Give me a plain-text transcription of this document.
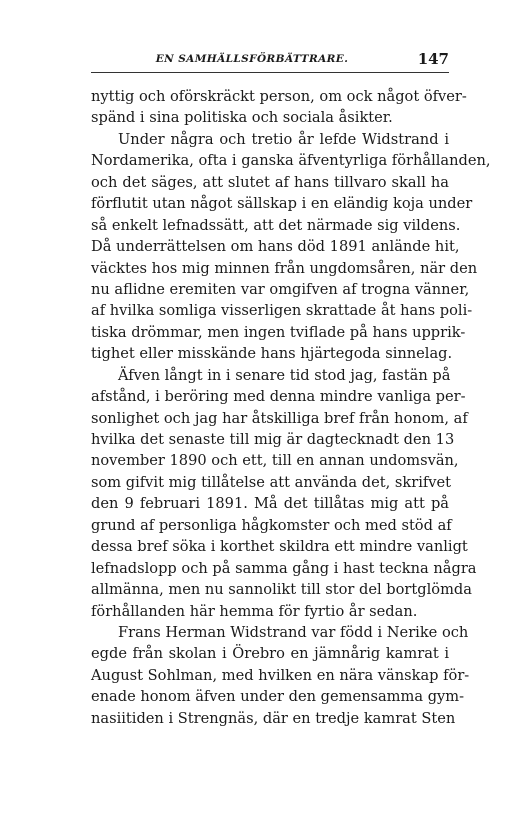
EN SAMHÄLLSFÖRBÄTTRARE.	147
nyttig och oförskräckt person, om ock något öfver-
spänd i sina politiska och sociala åsikter.
Under några och tretio år lefde Widstrand i
Nordamerika, ofta i ganska äfventyrliga förhållanden,
och det säges, att slutet af hans tillvaro skall ha
förflutit utan något sällskap i en eländig koja under
så enkelt lefnadssätt, att det närmade sig vildens.
Då underrättelsen om hans död 1891 anlände hit,
väcktes hos mig minnen från ungdomsåren, när den
nu aflidne eremiten var omgifven af trogna vänner,
af hvilka somliga visserligen skrattade åt hans poli-
tiska drömmar, men ingen tviflade på hans upprik-
tighet eller misskände hans hjärtegoda sinnelag.
Äfven långt in i senare tid stod jag, fastän på
afstånd, i beröring med denna mindre vanliga per-
sonlighet och jag har åtskilliga bref från honom, af
hvilka det senaste till mig är dagtecknadt den 13
november 1890 och ett, till en annan undomsvän,
som gifvit mig tillåtelse att använda det, skrifvet
den 9 februari 1891. Må det tillåtas mig att på
grund af personliga hågkomster och med stöd af
dessa bref söka i korthet skildra ett mindre vanligt
lefnadslopp och på samma gång i hast teckna några
allmänna, men nu sannolikt till stor del bortglömda
förhållanden här hemma för fyrtio år sedan.
Frans Herman Widstrand var född i Nerike och
egde från skolan i Örebro en jämnårig kamrat i
August Sohlman, med hvilken en nära vänskap för-
enade honom äfven under den gemensamma gym-
nasiitiden i Strengnäs, där en tredje kamrat Sten
